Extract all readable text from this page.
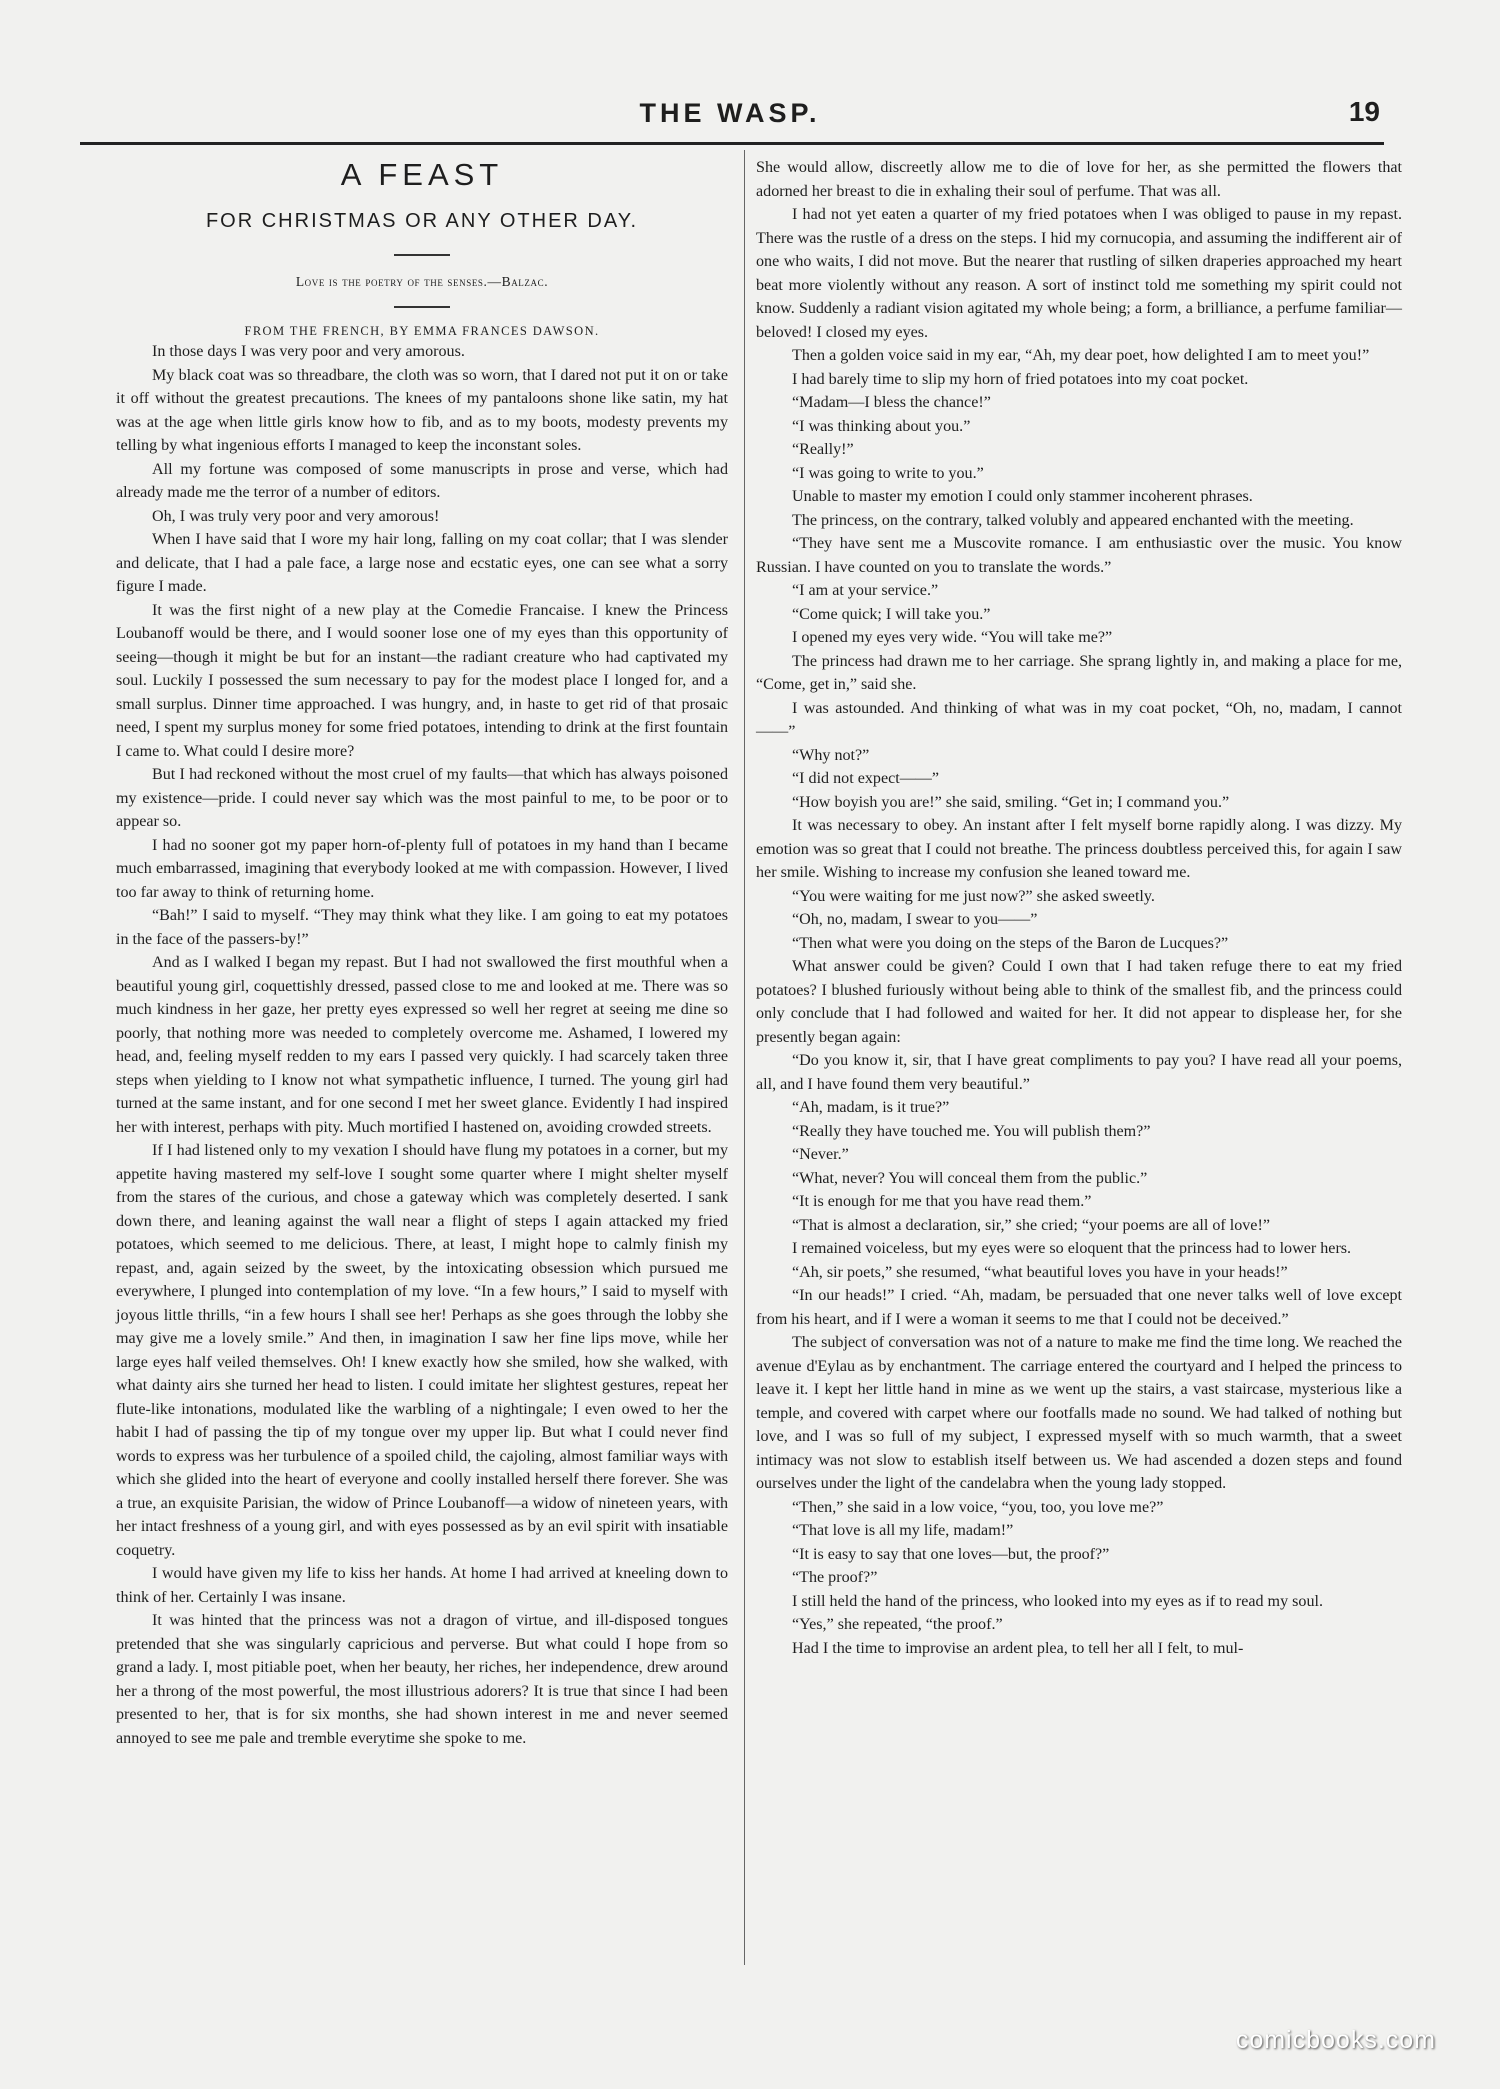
THE WASP.	19
A FEAST
FOR CHRISTMAS OR ANY OTHER DAY.
Love is the poetry of the senses.—Balzac.
FROM THE FRENCH, BY EMMA FRANCES DAWSON.

In those days I was very poor and very amorous.

My black coat was so threadbare, the cloth was so worn, that I dared not put it on or take it off without the greatest precautions. The knees of my pantaloons shone like satin, my hat was at the age when little girls know how to fib, and as to my boots, modesty prevents my telling by what ingenious efforts I managed to keep the inconstant soles.

All my fortune was composed of some manuscripts in prose and verse, which had already made me the terror of a number of editors.

Oh, I was truly very poor and very amorous!

When I have said that I wore my hair long, falling on my coat collar; that I was slender and delicate, that I had a pale face, a large nose and ecstatic eyes, one can see what a sorry figure I made.

It was the first night of a new play at the Comedie Francaise. I knew the Princess Loubanoff would be there, and I would sooner lose one of my eyes than this opportunity of seeing—though it might be but for an instant—the radiant creature who had captivated my soul. Luckily I possessed the sum necessary to pay for the modest place I longed for, and a small surplus. Dinner time approached. I was hungry, and, in haste to get rid of that prosaic need, I spent my surplus money for some fried potatoes, intending to drink at the first fountain I came to. What could I desire more?

But I had reckoned without the most cruel of my faults—that which has always poisoned my existence—pride. I could never say which was the most painful to me, to be poor or to appear so.

I had no sooner got my paper horn-of-plenty full of potatoes in my hand than I became much embarrassed, imagining that everybody looked at me with compassion. However, I lived too far away to think of returning home.

“Bah!” I said to myself. “They may think what they like. I am going to eat my potatoes in the face of the passers-by!”

And as I walked I began my repast. But I had not swallowed the first mouthful when a beautiful young girl, coquettishly dressed, passed close to me and looked at me. There was so much kindness in her gaze, her pretty eyes expressed so well her regret at seeing me dine so poorly, that nothing more was needed to completely overcome me. Ashamed, I lowered my head, and, feeling myself redden to my ears I passed very quickly. I had scarcely taken three steps when yielding to I know not what sympathetic influence, I turned. The young girl had turned at the same instant, and for one second I met her sweet glance. Evidently I had inspired her with interest, perhaps with pity. Much mortified I hastened on, avoiding crowded streets.

If I had listened only to my vexation I should have flung my potatoes in a corner, but my appetite having mastered my self-love I sought some quarter where I might shelter myself from the stares of the curious, and chose a gateway which was completely deserted. I sank down there, and leaning against the wall near a flight of steps I again attacked my fried potatoes, which seemed to me delicious. There, at least, I might hope to calmly finish my repast, and, again seized by the sweet, by the intoxicating obsession which pursued me everywhere, I plunged into contemplation of my love. “In a few hours,” I said to myself with joyous little thrills, “in a few hours I shall see her! Perhaps as she goes through the lobby she may give me a lovely smile.” And then, in imagination I saw her fine lips move, while her large eyes half veiled themselves. Oh! I knew exactly how she smiled, how she walked, with what dainty airs she turned her head to listen. I could imitate her slightest gestures, repeat her flute-like intonations, modulated like the warbling of a nightingale; I even owed to her the habit I had of passing the tip of my tongue over my upper lip. But what I could never find words to express was her turbulence of a spoiled child, the cajoling, almost familiar ways with which she glided into the heart of everyone and coolly installed herself there forever. She was a true, an exquisite Parisian, the widow of Prince Loubanoff—a widow of nineteen years, with her intact freshness of a young girl, and with eyes possessed as by an evil spirit with insatiable coquetry.

I would have given my life to kiss her hands. At home I had arrived at kneeling down to think of her. Certainly I was insane.

It was hinted that the princess was not a dragon of virtue, and ill-disposed tongues pretended that she was singularly capricious and perverse. But what could I hope from so grand a lady. I, most pitiable poet, when her beauty, her riches, her independence, drew around her a throng of the most powerful, the most illustrious adorers? It is true that since I had been presented to her, that is for six months, she had shown interest in me and never seemed annoyed to see me pale and tremble everytime she spoke to me.

She would allow, discreetly allow me to die of love for her, as she permitted the flowers that adorned her breast to die in exhaling their soul of perfume. That was all.

I had not yet eaten a quarter of my fried potatoes when I was obliged to pause in my repast. There was the rustle of a dress on the steps. I hid my cornucopia, and assuming the indifferent air of one who waits, I did not move. But the nearer that rustling of silken draperies approached my heart beat more violently without any reason. A sort of instinct told me something my spirit could not know. Suddenly a radiant vision agitated my whole being; a form, a brilliance, a perfume familiar—beloved! I closed my eyes.

Then a golden voice said in my ear, “Ah, my dear poet, how delighted I am to meet you!”

I had barely time to slip my horn of fried potatoes into my coat pocket.

“Madam—I bless the chance!”

“I was thinking about you.”

“Really!”

“I was going to write to you.”

Unable to master my emotion I could only stammer incoherent phrases.

The princess, on the contrary, talked volubly and appeared enchanted with the meeting.

“They have sent me a Muscovite romance. I am enthusiastic over the music. You know Russian. I have counted on you to translate the words.”

“I am at your service.”

“Come quick; I will take you.”

I opened my eyes very wide. “You will take me?”

The princess had drawn me to her carriage. She sprang lightly in, and making a place for me, “Come, get in,” said she.

I was astounded. And thinking of what was in my coat pocket, “Oh, no, madam, I cannot——”

“Why not?”

“I did not expect——”

“How boyish you are!” she said, smiling. “Get in; I command you.”

It was necessary to obey. An instant after I felt myself borne rapidly along. I was dizzy. My emotion was so great that I could not breathe. The princess doubtless perceived this, for again I saw her smile. Wishing to increase my confusion she leaned toward me.

“You were waiting for me just now?” she asked sweetly.

“Oh, no, madam, I swear to you——”

“Then what were you doing on the steps of the Baron de Lucques?”

What answer could be given? Could I own that I had taken refuge there to eat my fried potatoes? I blushed furiously without being able to think of the smallest fib, and the princess could only conclude that I had followed and waited for her. It did not appear to displease her, for she presently began again:

“Do you know it, sir, that I have great compliments to pay you? I have read all your poems, all, and I have found them very beautiful.”

“Ah, madam, is it true?”

“Really they have touched me. You will publish them?”

“Never.”

“What, never? You will conceal them from the public.”

“It is enough for me that you have read them.”

“That is almost a declaration, sir,” she cried; “your poems are all of love!”

I remained voiceless, but my eyes were so eloquent that the princess had to lower hers.

“Ah, sir poets,” she resumed, “what beautiful loves you have in your heads!”

“In our heads!” I cried. “Ah, madam, be persuaded that one never talks well of love except from his heart, and if I were a woman it seems to me that I could not be deceived.”

The subject of conversation was not of a nature to make me find the time long. We reached the avenue d'Eylau as by enchantment. The carriage entered the courtyard and I helped the princess to leave it. I kept her little hand in mine as we went up the stairs, a vast staircase, mysterious like a temple, and covered with carpet where our footfalls made no sound. We had talked of nothing but love, and I was so full of my subject, I expressed myself with so much warmth, that a sweet intimacy was not slow to establish itself between us. We had ascended a dozen steps and found ourselves under the light of the candelabra when the young lady stopped.

“Then,” she said in a low voice, “you, too, you love me?”

“That love is all my life, madam!”

“It is easy to say that one loves—but, the proof?”

“The proof?”

I still held the hand of the princess, who looked into my eyes as if to read my soul.

“Yes,” she repeated, “the proof.”

Had I the time to improvise an ardent plea, to tell her all I felt, to mul-

comicbooks.com
